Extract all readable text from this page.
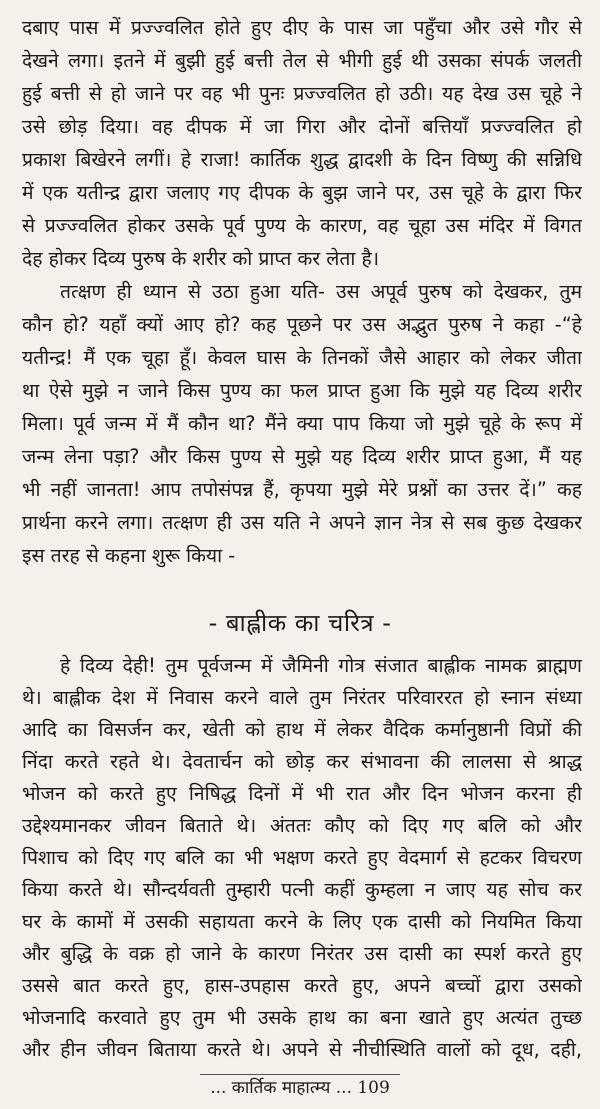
दबाए पास में प्रज्ज्वलित होते हुए दीए के पास जा पहुँचा और उसे गौर से
देखने लगा। इतने में बुझी हुई बत्ती तेल से भीगी हुई थी उसका संपर्क जलती
हुई बत्ती से हो जाने पर वह भी पुनः प्रज्ज्वलित हो उठी। यह देख उस चूहे ने
उसे छोड़ दिया। वह दीपक में जा गिरा और दोनों बत्तियाँ प्रज्ज्वलित हो
प्रकाश बिखेरने लगीं। हे राजा! कार्तिक शुद्ध द्वादशी के दिन विष्णु की सन्निधि
में एक यतीन्द्र द्वारा जलाए गए दीपक के बुझ जाने पर, उस चूहे के द्वारा फिर
से प्रज्ज्वलित होकर उसके पूर्व पुण्य के कारण, वह चूहा उस मंदिर में विगत
देह होकर दिव्य पुरुष के शरीर को प्राप्त कर लेता है।
तत्क्षण ही ध्यान से उठा हुआ यति- उस अपूर्व पुरुष को देखकर, तुम
कौन हो? यहाँ क्यों आए हो? कह पूछने पर उस अद्भुत पुरुष ने कहा -“हे
यतीन्द्र! मैं एक चूहा हूँ। केवल घास के तिनकों जैसे आहार को लेकर जीता
था ऐसे मुझे न जाने किस पुण्य का फल प्राप्त हुआ कि मुझे यह दिव्य शरीर
मिला। पूर्व जन्म में मैं कौन था? मैंने क्या पाप किया जो मुझे चूहे के रूप में
जन्म लेना पड़ा? और किस पुण्य से मुझे यह दिव्य शरीर प्राप्त हुआ, मैं यह
भी नहीं जानता! आप तपोसंपन्न हैं, कृपया मुझे मेरे प्रश्नों का उत्तर दें।” कह
प्रार्थना करने लगा। तत्क्षण ही उस यति ने अपने ज्ञान नेत्र से सब कुछ देखकर
इस तरह से कहना शुरू किया -
- बाह्लीक का चरित्र -
हे दिव्य देही! तुम पूर्वजन्म में जैमिनी गोत्र संजात बाह्लीक नामक ब्राह्मण
थे। बाह्लीक देश में निवास करने वाले तुम निरंतर परिवाररत हो स्नान संध्या
आदि का विसर्जन कर, खेती को हाथ में लेकर वैदिक कर्मानुष्ठानी विप्रों की
निंदा करते रहते थे। देवतार्चन को छोड़ कर संभावना की लालसा से श्राद्ध
भोजन को करते हुए निषिद्ध दिनों में भी रात और दिन भोजन करना ही
उद्देश्यमानकर जीवन बिताते थे। अंततः कौए को दिए गए बलि को और
पिशाच को दिए गए बलि का भी भक्षण करते हुए वेदमार्ग से हटकर विचरण
किया करते थे। सौन्दर्यवती तुम्हारी पत्नी कहीं कुम्हला न जाए यह सोच कर
घर के कामों में उसकी सहायता करने के लिए एक दासी को नियमित किया
और बुद्धि के वक्र हो जाने के कारण निरंतर उस दासी का स्पर्श करते हुए
उससे बात करते हुए, हास-उपहास करते हुए, अपने बच्चों द्वारा उसको
भोजनादि करवाते हुए तुम भी उसके हाथ का बना खाते हुए अत्यंत तुच्छ
और हीन जीवन बिताया करते थे। अपने से नीचीस्थिति वालों को दूध, दही,
... कार्तिक माहात्म्य ... 109
